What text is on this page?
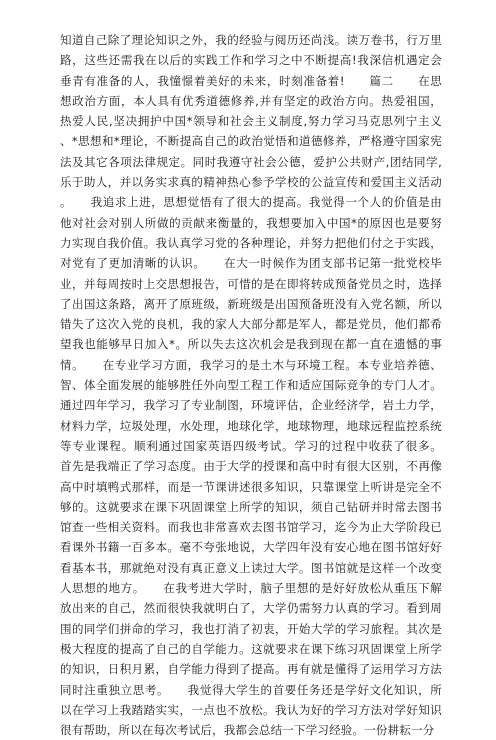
知道自己除了理论知识之外，我的经验与阅历还尚浅。读万卷书，行万里
路，这些还需我在以后的实践工作和学习之中不断提高!我深信机遇定会
垂青有准备的人，我憧憬着美好的未来，时刻准备着!　　篇二　　在思
想政治方面，本人具有优秀道德修养,并有坚定的政治方向。热爱祖国，
热爱人民,坚决拥护中国*领导和社会主义制度,努力学习马克思列宁主义
、*思想和*理论，不断提高自己的政治觉悟和道德修养，严格遵守国家宪
法及其它各项法律规定。同时我遵守社会公德，爱护公共财产,团结同学,
乐于助人，并以务实求真的精神热心参予学校的公益宣传和爱国主义活动
。　　我追求上进，思想觉悟有了很大的提高。我觉得一个人的价值是由
他对社会对别人所做的贡献来衡量的，我想要加入中国*的原因也是要努
力实现自我价值。我认真学习党的各种理论，并努力把他们付之于实践，
对党有了更加清晰的认识。　　在大一时候作为团支部书记第一批党校毕
业，并每周按时上交思想报告，可惜的是在即将转成预备党员之时，选择
了出国这条路，离开了原班级，新班级是出国预备班没有入党名额，所以
错失了这次入党的良机，我的家人大部分都是军人，都是党员，他们都希
望我也能够早日加入*。所以失去这次机会是我到现在都一直在遗憾的事
情。　　在专业学习方面，我学习的是土木与环境工程。本专业培养德、
智、体全面发展的能够胜任外向型工程工作和适应国际竞争的专门人才。
通过四年学习，我学习了专业制图，环境评估，企业经济学，岩土力学，
材料力学，垃圾处理，水处理，地球化学，地球物理，地球远程监控系统
等专业课程。顺利通过国家英语四级考试。学习的过程中收获了很多。
首先是我端正了学习态度。由于大学的授课和高中时有很大区别，不再像
高中时填鸭式那样，而是一节课讲述很多知识，只靠课堂上听讲是完全不
够的。这就要求在课下巩固课堂上所学的知识，须自己钻研并时常去图书
馆查一些相关资料。而我也非常喜欢去图书馆学习，迄今为止大学阶段已
看课外书籍一百多本。毫不夸张地说，大学四年没有安心地在图书馆好好
看基本书，那就绝对没有真正意义上读过大学。图书馆就是这样一个改变
人思想的地方。　　在我考进大学时，脑子里想的是好好放松从重压下解
放出来的自己，然而很快我就明白了，大学仍需努力认真的学习。看到周
围的同学们拼命的学习，我也打消了初衷，开始大学的学习旅程。其次是
极大程度的提高了自己的自学能力。这就要求在课下练习巩固课堂上所学
的知识，日积月累，自学能力得到了提高。再有就是懂得了运用学习方法
同时注重独立思考。　　我觉得大学生的首要任务还是学好文化知识，所
以在学习上我踏踏实实，一点也不放松。我认为好的学习方法对学好知识
很有帮助，所以在每次考试后，我都会总结一下学习经验。一份耕耘一分
